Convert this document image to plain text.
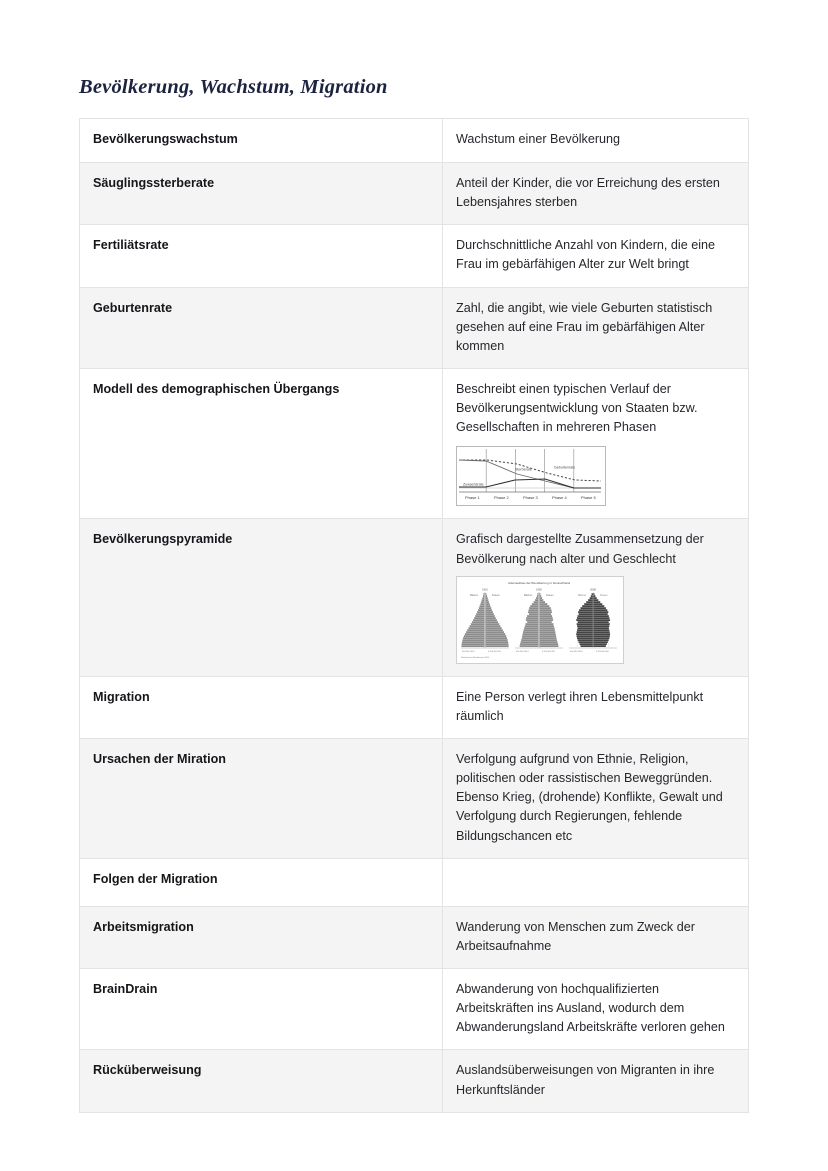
Bevölkerung, Wachstum, Migration
Bevölkerungswachstum	Wachstum einer Bevölkerung
Säuglingssterberate	Anteil der Kinder, die vor Erreichung des ersten Lebensjahres sterben
Fertiliätsrate	Durchschnittliche Anzahl von Kindern, die eine Frau im gebärfähigen Alter zur Welt bringt
Geburtenrate	Zahl, die angibt, wie viele Geburten statistisch gesehen auf eine Frau im gebärfähigen Alter kommen
Modell des demographischen Übergangs	Beschreibt einen typischen Verlauf der Bevölkerungsentwicklung von Staaten bzw. Gesellschaften in mehreren Phasen

Zuwachsrate
Sterberate	Geburtenrate
Phase 1	Phase 2	Phase 3	Phase 4	Phase 5

Bevölkerungspyramide	Grafisch dargestellte Zusammensetzung der Bevölkerung nach alter und Geschlecht

Altersaufbau der Bevölkerung in Deutschland
1910
Männer	Frauen
600 400 200 0	0 200 400 600
1950
Männer	Frauen
600 400 200 0	0 200 400 600
2008
Männer	Frauen
600 400 200 0	0 200 400 600
Statistisches Bundesamt 2009

Migration	Eine Person verlegt ihren Lebensmittelpunkt räumlich
Ursachen der Miration	Verfolgung aufgrund von Ethnie, Religion, politischen oder rassistischen Beweggründen. Ebenso Krieg, (drohende) Konflikte, Gewalt und Verfolgung durch Regierungen, fehlende Bildungschancen etc
Folgen der Migration	
Arbeitsmigration	Wanderung von Menschen zum Zweck der Arbeitsaufnahme
BrainDrain	Abwanderung von hochqualifizierten Arbeitskräften ins Ausland, wodurch dem Abwanderungsland Arbeitskräfte verloren gehen
Rücküberweisung	Auslandsüberweisungen von Migranten in ihre Herkunftsländer
